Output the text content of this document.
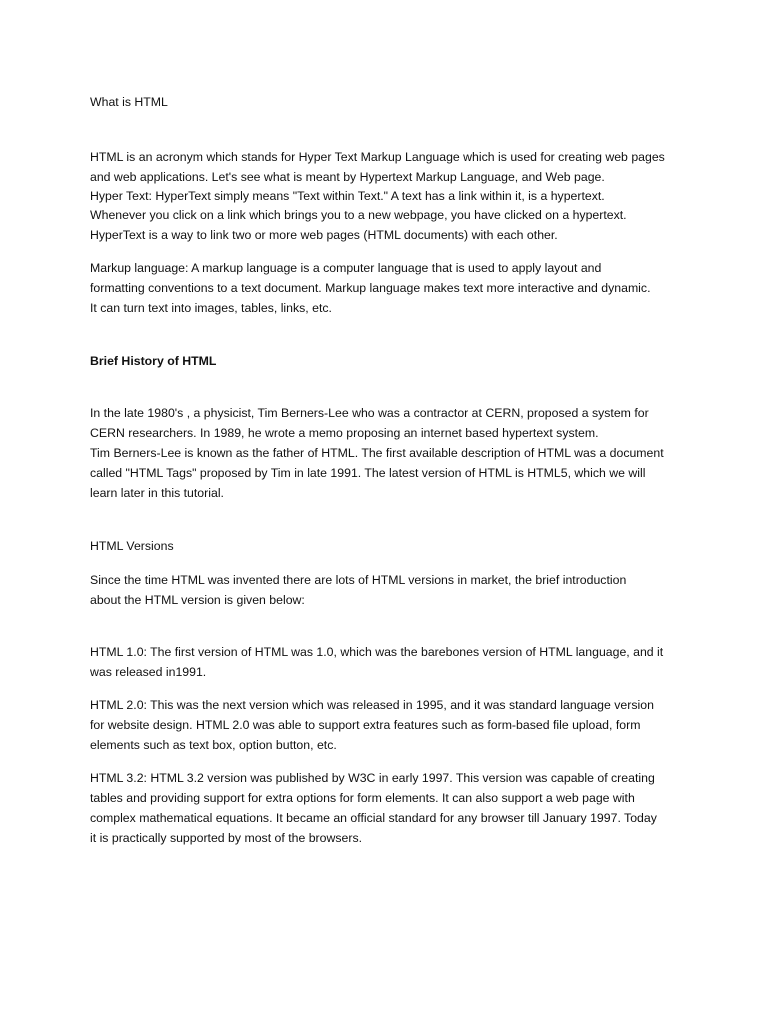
What is HTML
HTML is an acronym which stands for Hyper Text Markup Language which is used for creating web pages
and web applications. Let's see what is meant by Hypertext Markup Language, and Web page.
Hyper Text: HyperText simply means "Text within Text." A text has a link within it, is a hypertext.
Whenever you click on a link which brings you to a new webpage, you have clicked on a hypertext.
HyperText is a way to link two or more web pages (HTML documents) with each other.
Markup language: A markup language is a computer language that is used to apply layout and
formatting conventions to a text document. Markup language makes text more interactive and dynamic.
It can turn text into images, tables, links, etc.
Brief History of HTML
In the late 1980's , a physicist, Tim Berners-Lee who was a contractor at CERN, proposed a system for
CERN researchers. In 1989, he wrote a memo proposing an internet based hypertext system.
Tim Berners-Lee is known as the father of HTML. The first available description of HTML was a document
called "HTML Tags" proposed by Tim in late 1991. The latest version of HTML is HTML5, which we will
learn later in this tutorial.
HTML Versions
Since the time HTML was invented there are lots of HTML versions in market, the brief introduction
about the HTML version is given below:
HTML 1.0: The first version of HTML was 1.0, which was the barebones version of HTML language, and it
was released in1991.
HTML 2.0: This was the next version which was released in 1995, and it was standard language version
for website design. HTML 2.0 was able to support extra features such as form-based file upload, form
elements such as text box, option button, etc.
HTML 3.2: HTML 3.2 version was published by W3C in early 1997. This version was capable of creating
tables and providing support for extra options for form elements. It can also support a web page with
complex mathematical equations. It became an official standard for any browser till January 1997. Today
it is practically supported by most of the browsers.
